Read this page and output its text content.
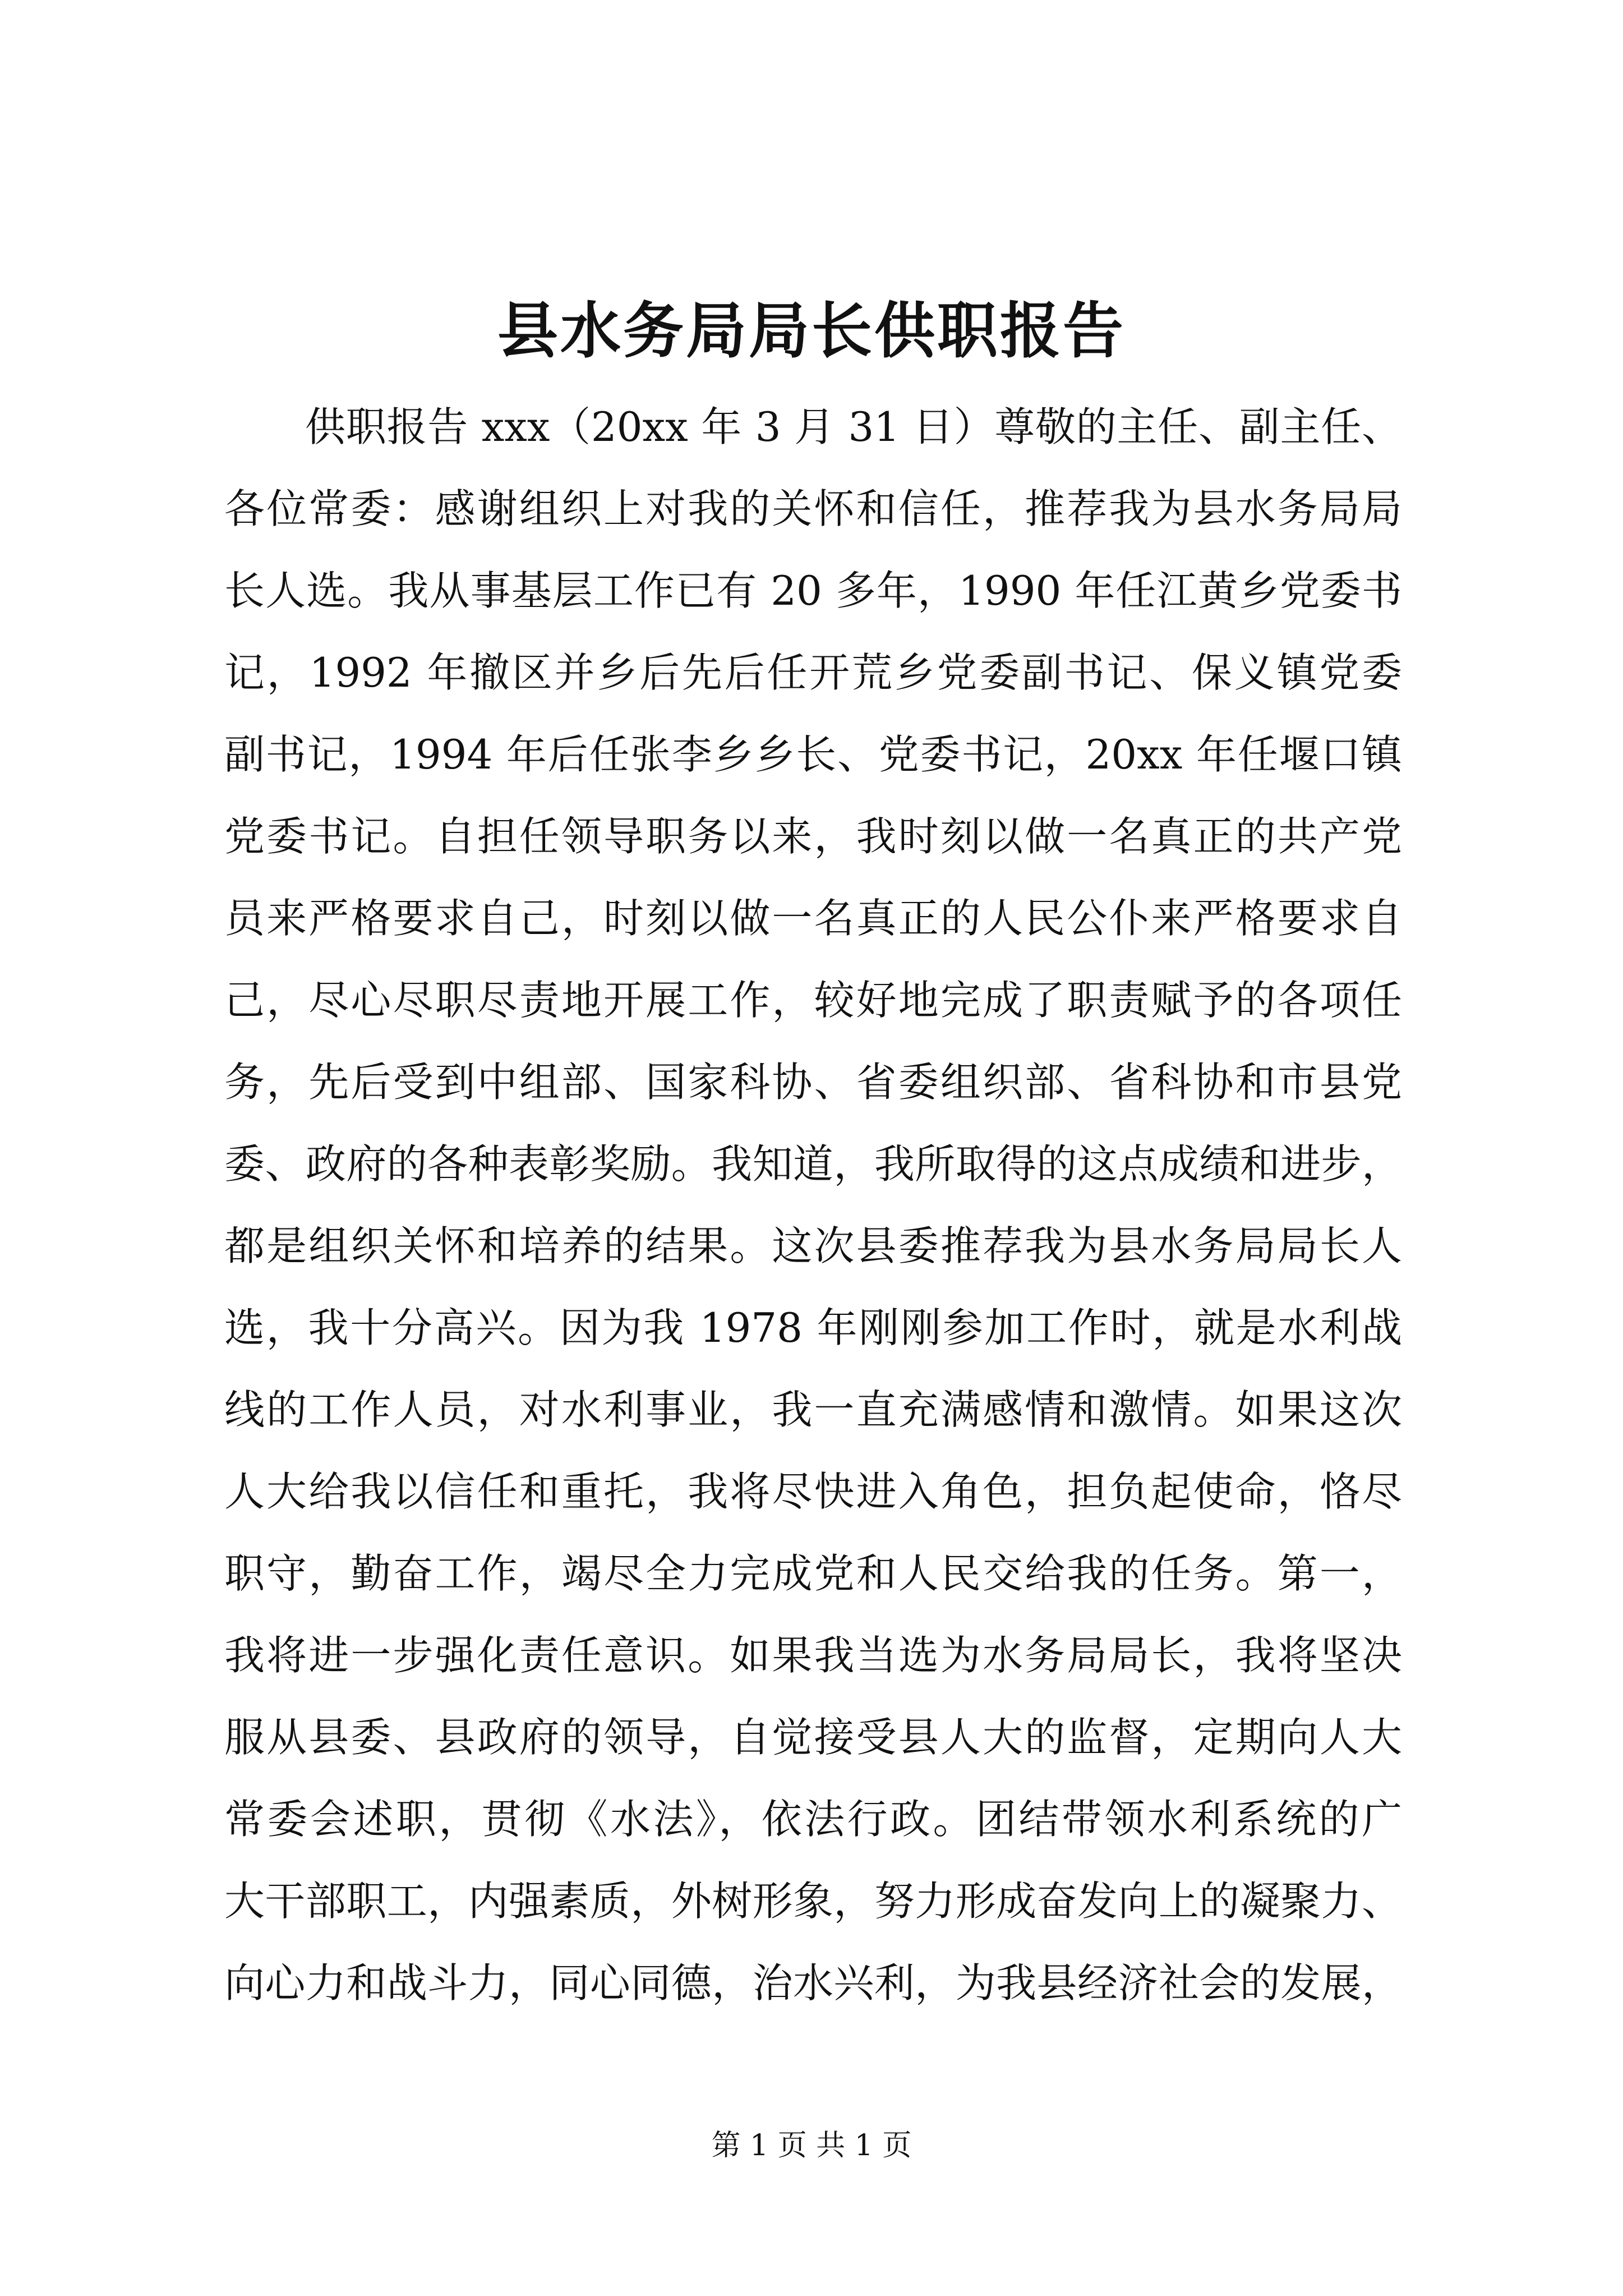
县水务局局长供职报告
供职报告 xxx（20xx 年 3 月 31 日）尊敬的主任、副主任、
各位常委：感谢组织上对我的关怀和信任，推荐我为县水务局局
长人选。我从事基层工作已有 20 多年，1990 年任江黄乡党委书
记，1992 年撤区并乡后先后任开荒乡党委副书记、保义镇党委
副书记，1994 年后任张李乡乡长、党委书记，20xx 年任堰口镇
党委书记。自担任领导职务以来，我时刻以做一名真正的共产党
员来严格要求自己，时刻以做一名真正的人民公仆来严格要求自
己，尽心尽职尽责地开展工作，较好地完成了职责赋予的各项任
务，先后受到中组部、国家科协、省委组织部、省科协和市县党
委、政府的各种表彰奖励。我知道，我所取得的这点成绩和进步，
都是组织关怀和培养的结果。这次县委推荐我为县水务局局长人
选，我十分高兴。因为我 1978 年刚刚参加工作时，就是水利战
线的工作人员，对水利事业，我一直充满感情和激情。如果这次
人大给我以信任和重托，我将尽快进入角色，担负起使命，恪尽
职守，勤奋工作，竭尽全力完成党和人民交给我的任务。第一，
我将进一步强化责任意识。如果我当选为水务局局长，我将坚决
服从县委、县政府的领导，自觉接受县人大的监督，定期向人大
常委会述职，贯彻《水法》，依法行政。团结带领水利系统的广
大干部职工，内强素质，外树形象，努力形成奋发向上的凝聚力、
向心力和战斗力，同心同德，治水兴利，为我县经济社会的发展，

第 1 页 共 1 页
